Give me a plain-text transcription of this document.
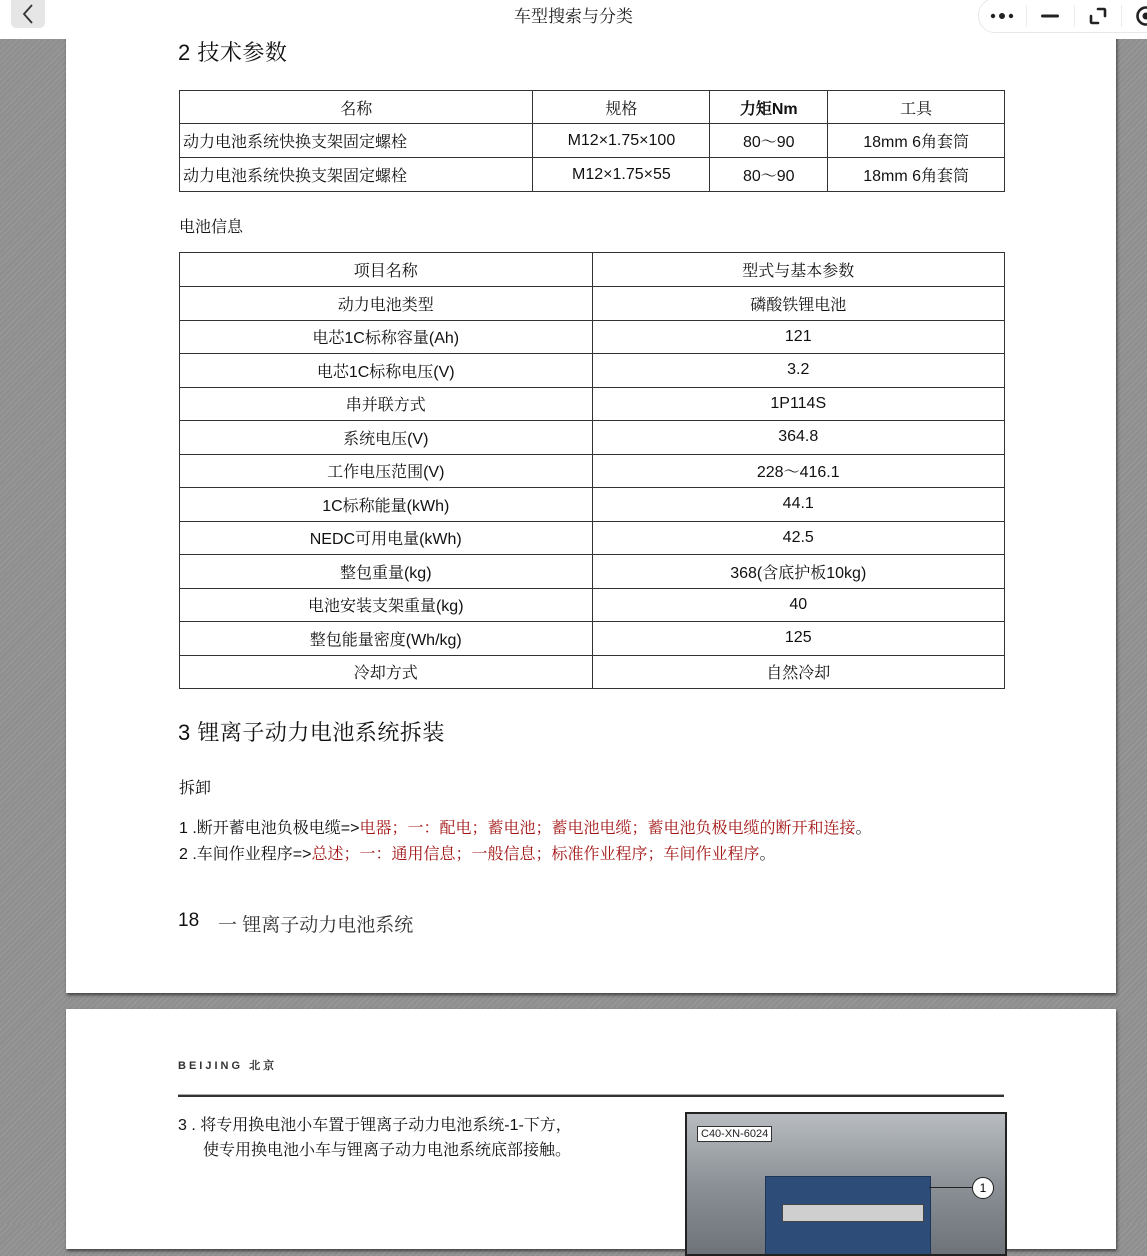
车型搜索与分类
2 技术参数
名称	规格	力矩Nm	工具
动力电池系统快换支架固定螺栓	M12×1.75×100	80～90	18mm 6角套筒
动力电池系统快换支架固定螺栓	M12×1.75×55	80～90	18mm 6角套筒
电池信息
项目名称	型式与基本参数
动力电池类型	磷酸铁锂电池
电芯1C标称容量(Ah)	121
电芯1C标称电压(V)	3.2
串并联方式	1P114S
系统电压(V)	364.8
工作电压范围(V)	228～416.1
1C标称能量(kWh)	44.1
NEDC可用电量(kWh)	42.5
整包重量(kg)	368(含底护板10kg)
电池安装支架重量(kg)	40
整包能量密度(Wh/kg)	125
冷却方式	自然冷却
3 锂离子动力电池系统拆装
拆卸
1 .断开蓄电池负极电缆=>电器；一：配电；蓄电池；蓄电池电缆；蓄电池负极电缆的断开和连接。
2 .车间作业程序=>总述；一：通用信息；一般信息；标准作业程序；车间作业程序。
18 一 锂离子动力电池系统
BEIJING 北京
3 . 将专用换电池小车置于锂离子动力电池系统-1-下方，
使专用换电池小车与锂离子动力电池系统底部接触。
C40-XN-6024
1
